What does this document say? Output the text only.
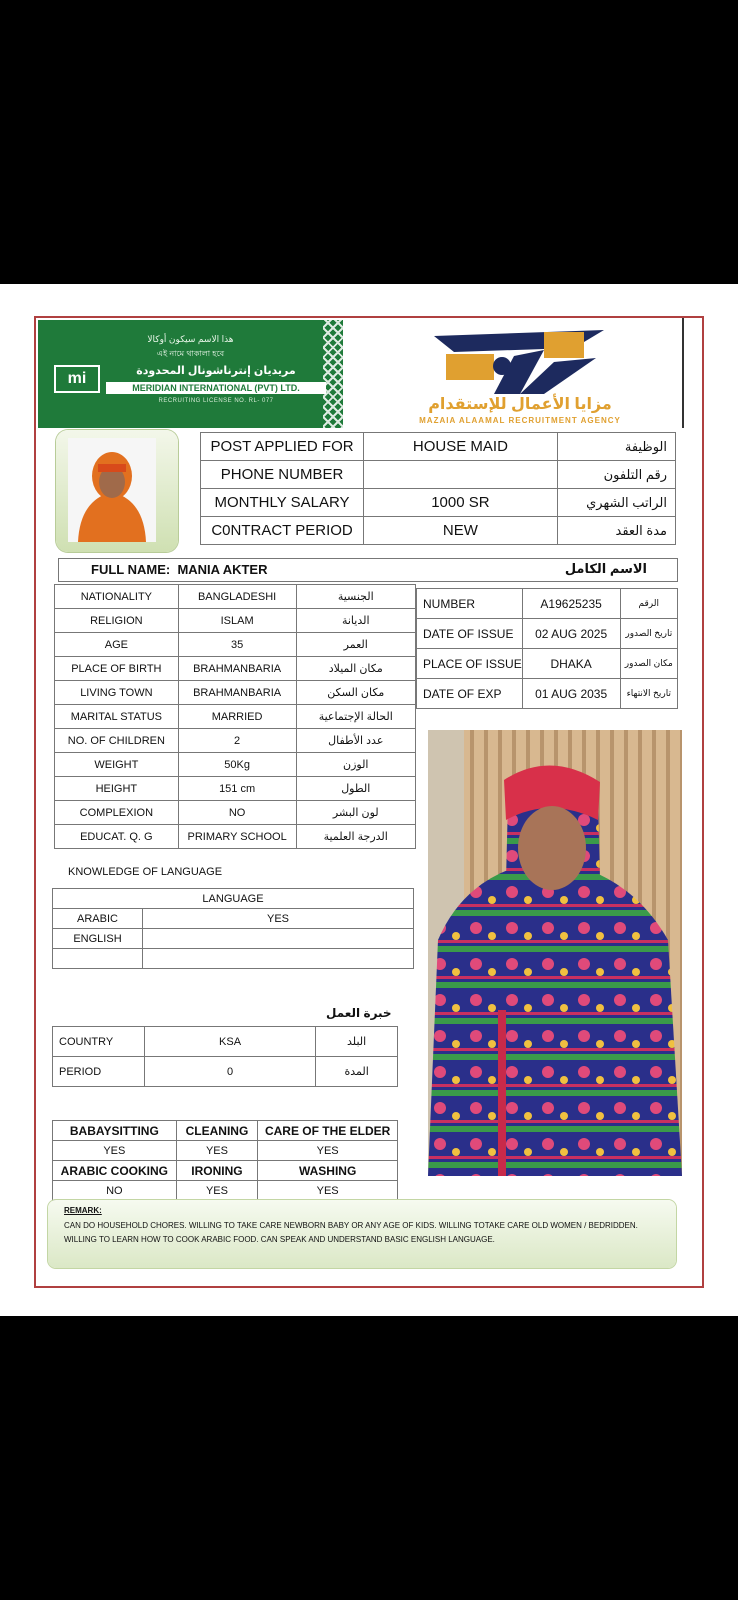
هذا الاسم سيكون أوكالا
এই নামে থাকালা হবে
mi	مريديان إنترناشونال المحدودة
MERIDIAN INTERNATIONAL (PVT) LTD.
RECRUITING LICENSE NO. RL- 077	مزايا الأعمال للإستقدام
MAZAIA ALAAMAL RECRUITMENT AGENCY
POST APPLIED FOR	HOUSE MAID	الوظيفة
PHONE NUMBER		رقم التلفون
MONTHLY SALARY	1000 SR	الراتب الشهري
C0NTRACT PERIOD	NEW	مدة العقد
FULL NAME: MANIA AKTER	الاسم الكامل
NATIONALITY	BANGLADESHI	الجنسية
RELIGION	ISLAM	الديانة
AGE	35	العمر
PLACE OF BIRTH	BRAHMANBARIA	مكان الميلاد
LIVING TOWN	BRAHMANBARIA	مكان السكن
MARITAL STATUS	MARRIED	الحالة الإجتماعية
NO. OF CHILDREN	2	عدد الأطفال
WEIGHT	50Kg	الوزن
HEIGHT	151 cm	الطول
COMPLEXION	NO	لون البشر
EDUCAT. Q. G	PRIMARY SCHOOL	الدرجة العلمية
NUMBER	A19625235	الرقم
DATE OF ISSUE	02 AUG 2025	تاريخ الصدور
PLACE OF ISSUE	DHAKA	مكان الصدور
DATE OF EXP	01 AUG 2035	تاريخ الانتهاء
KNOWLEDGE OF LANGUAGE
LANGUAGE	
ARABIC	YES
ENGLISH	

خبرة العمل
COUNTRY	KSA	البلد
PERIOD	0	المدة
BABAYSITTING	CLEANING	CARE OF THE ELDER
YES	YES	YES
ARABIC COOKING	IRONING	WASHING
NO	YES	YES
REMARK:
CAN DO HOUSEHOLD CHORES. WILLING TO TAKE CARE NEWBORN BABY OR ANY AGE OF KIDS. WILLING TOTAKE CARE OLD WOMEN / BEDRIDDEN. WILLING TO LEARN HOW TO COOK ARABIC FOOD. CAN SPEAK AND UNDERSTAND BASIC ENGLISH LANGUAGE.
